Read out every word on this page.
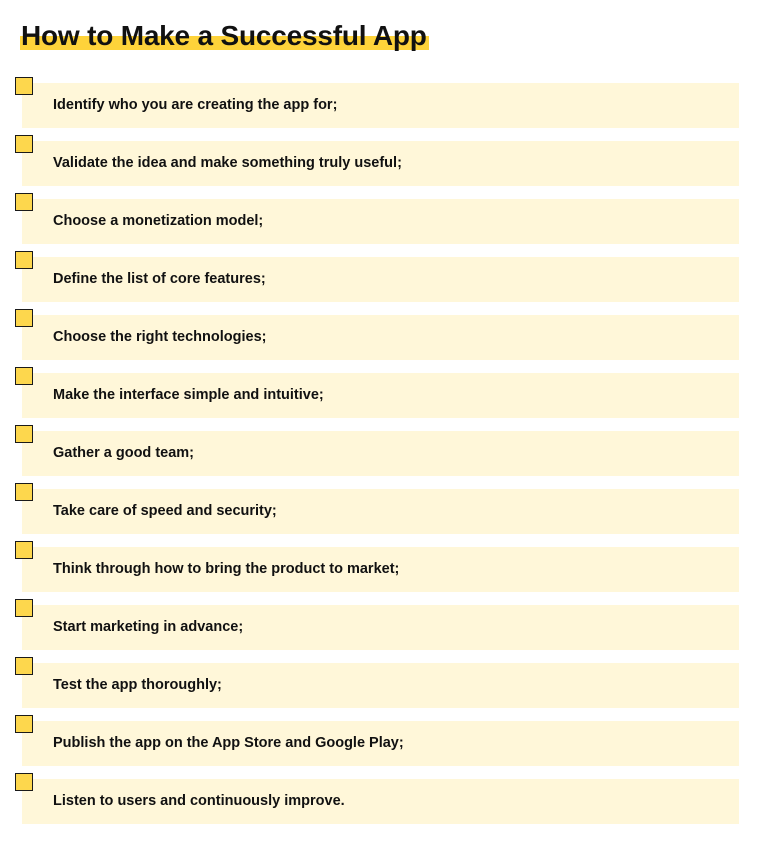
How to Make a Successful App
Identify who you are creating the app for;
Validate the idea and make something truly useful;
Choose a monetization model;
Define the list of core features;
Choose the right technologies;
Make the interface simple and intuitive;
Gather a good team;
Take care of speed and security;
Think through how to bring the product to market;
Start marketing in advance;
Test the app thoroughly;
Publish the app on the App Store and Google Play;
Listen to users and continuously improve.
